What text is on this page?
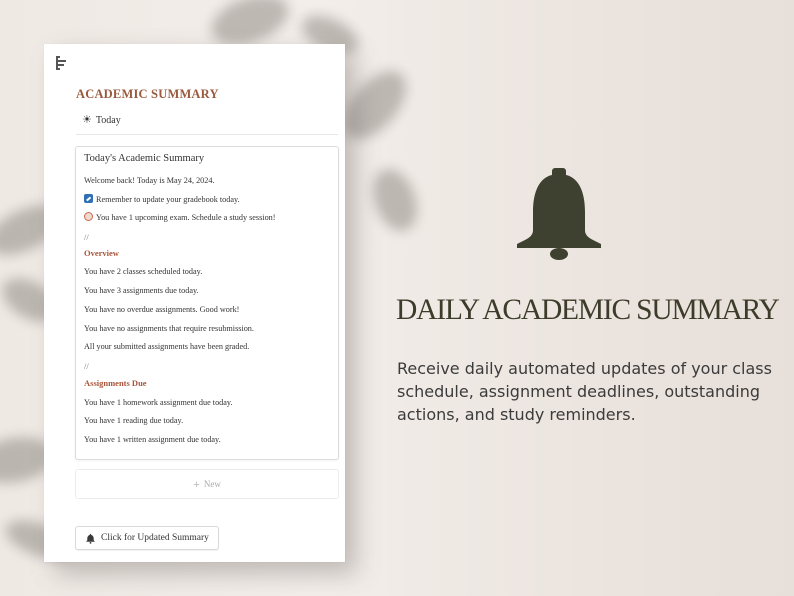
ACADEMIC SUMMARY
☀ Today
Today's Academic Summary
Welcome back! Today is May 24, 2024.
Remember to update your gradebook today.
You have 1 upcoming exam. Schedule a study session!
//
Overview
You have 2 classes scheduled today.
You have 3 assignments due today.
You have no overdue assignments. Good work!
You have no assignments that require resubmission.
All your submitted assignments have been graded.
//
Assignments Due
You have 1 homework assignment due today.
You have 1 reading due today.
You have 1 written assignment due today.
+ New
Click for Updated Summary
DAILY ACADEMIC SUMMARY
Receive daily automated updates of your class schedule, assignment deadlines, outstanding actions, and study reminders.
